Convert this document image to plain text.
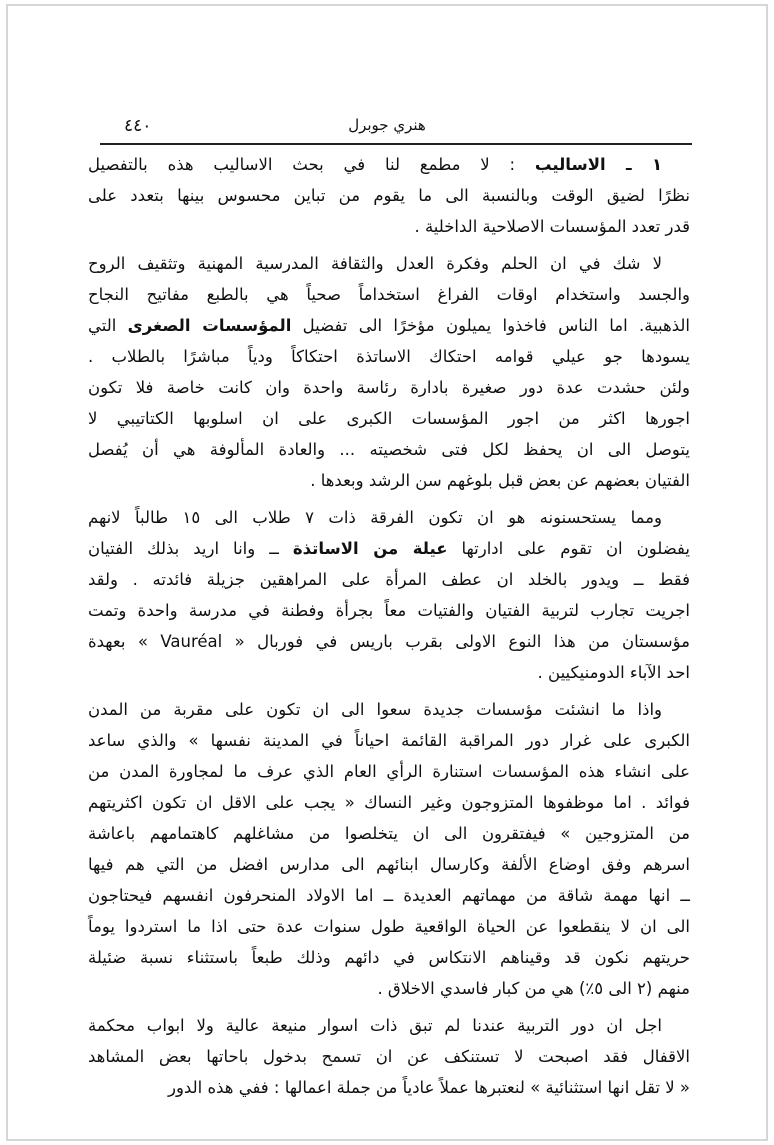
٤٤٠	هنري جوبرل
١ ـ الاساليب : لا مطمع لنا في بحث الاساليب هذه بالتفصيل
نظرًا لضيق الوقت وبالنسبة الى ما يقوم من تباين محسوس بينها بتعدد على
قدر تعدد المؤسسات الاصلاحية الداخلية .
لا شك في ان الحلم وفكرة العدل والثقافة المدرسية المهنية وتثقيف الروح
والجسد واستخدام اوقات الفراغ استخداماً صحياً هي بالطبع مفاتيح النجاح
الذهبية. اما الناس فاخذوا يميلون مؤخرًا الى تفضيل المؤسسات الصغرى التي
يسودها جو عيلي قوامه احتكاك الاساتذة احتكاكاً ودياً مباشرًا بالطلاب .
ولئن حشدت عدة دور صغيرة بادارة رئاسة واحدة وان كانت خاصة فلا تكون
اجورها اكثر من اجور المؤسسات الكبرى على ان اسلوبها الكتاتيبي لا
يتوصل الى ان يحفظ لكل فتى شخصيته ... والعادة المألوفة هي أن يُفصل
الفتيان بعضهم عن بعض قبل بلوغهم سن الرشد وبعدها .
ومما يستحسنونه هو ان تكون الفرقة ذات ٧ طلاب الى ١٥ طالباً لانهم
يفضلون ان تقوم على ادارتها عيلة من الاساتذة ــ وانا اريد بذلك الفتيان
فقط ــ ويدور بالخلد ان عطف المرأة على المراهقين جزيلة فائدته . ولقد
اجريت تجارب لتربية الفتيان والفتيات معاً بجرأة وفطنة في مدرسة واحدة وتمت
مؤسستان من هذا النوع الاولى بقرب باريس في فوربال « Vauréal » بعهدة
احد الآباء الدومنيكيين .
واذا ما انشئت مؤسسات جديدة سعوا الى ان تكون على مقربة من المدن
الكبرى على غرار دور المراقبة القائمة احياناً في المدينة نفسها » والذي ساعد
على انشاء هذه المؤسسات استنارة الرأي العام الذي عرف ما لمجاورة المدن من
فوائد . اما موظفوها المتزوجون وغير النساك « يجب على الاقل ان تكون اكثريتهم
من المتزوجين » فيفتقرون الى ان يتخلصوا من مشاغلهم كاهتمامهم باعاشة
اسرهم وفق اوضاع الألفة وكارسال ابنائهم الى مدارس افضل من التي هم فيها
ــ انها مهمة شاقة من مهماتهم العديدة ــ اما الاولاد المنحرفون انفسهم فيحتاجون
الى ان لا ينقطعوا عن الحياة الواقعية طول سنوات عدة حتى اذا ما استردوا يوماً
حريتهم نكون قد وقيناهم الانتكاس في دائهم وذلك طبعاً باستثناء نسبة ضئيلة
منهم (٢ الى ٥٪) هي من كبار فاسدي الاخلاق .
اجل ان دور التربية عندنا لم تبق ذات اسوار منيعة عالية ولا ابواب محكمة
الاقفال فقد اصبحت لا تستنكف عن ان تسمح بدخول باحاتها بعض المشاهد
« لا تقل انها استثنائية » لنعتبرها عملاً عادياً من جملة اعمالها : ففي هذه الدور
